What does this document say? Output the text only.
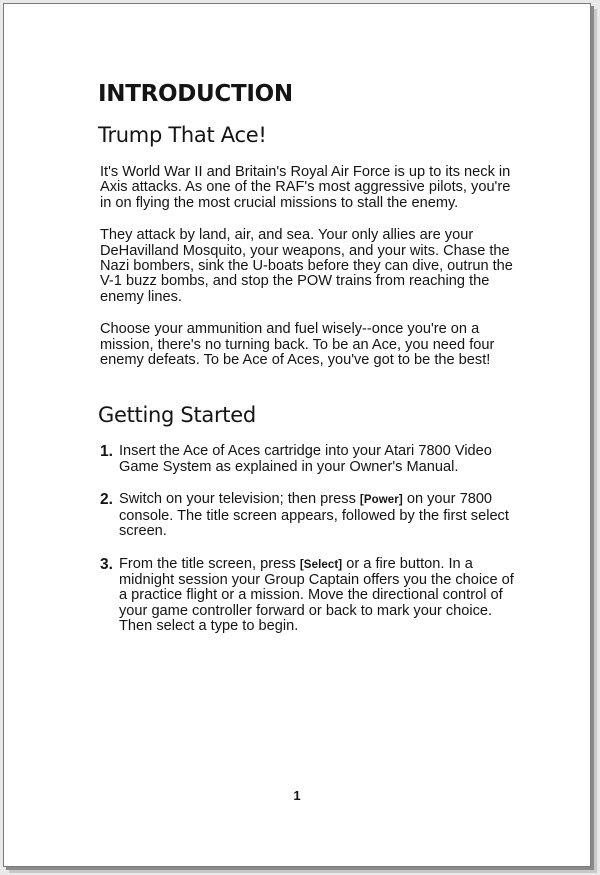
INTRODUCTION
Trump That Ace!

It's World War II and Britain's Royal Air Force is up to its neck in Axis attacks. As one of the RAF's most aggressive pilots, you're in on flying the most crucial missions to stall the enemy.

They attack by land, air, and sea. Your only allies are your DeHavilland Mosquito, your weapons, and your wits. Chase the Nazi bombers, sink the U-boats before they can dive, outrun the V-1 buzz bombs, and stop the POW trains from reaching the enemy lines.

Choose your ammunition and fuel wisely--once you're on a mission, there's no turning back. To be an Ace, you need four enemy defeats. To be Ace of Aces, you've got to be the best!

Getting Started
1. Insert the Ace of Aces cartridge into your Atari 7800 Video Game System as explained in your Owner's Manual.
2. Switch on your television; then press [Power] on your 7800 console. The title screen appears, followed by the first select screen.
3. From the title screen, press [Select] or a fire button. In a midnight session your Group Captain offers you the choice of a practice flight or a mission. Move the directional control of your game controller forward or back to mark your choice. Then select a type to begin.
1
